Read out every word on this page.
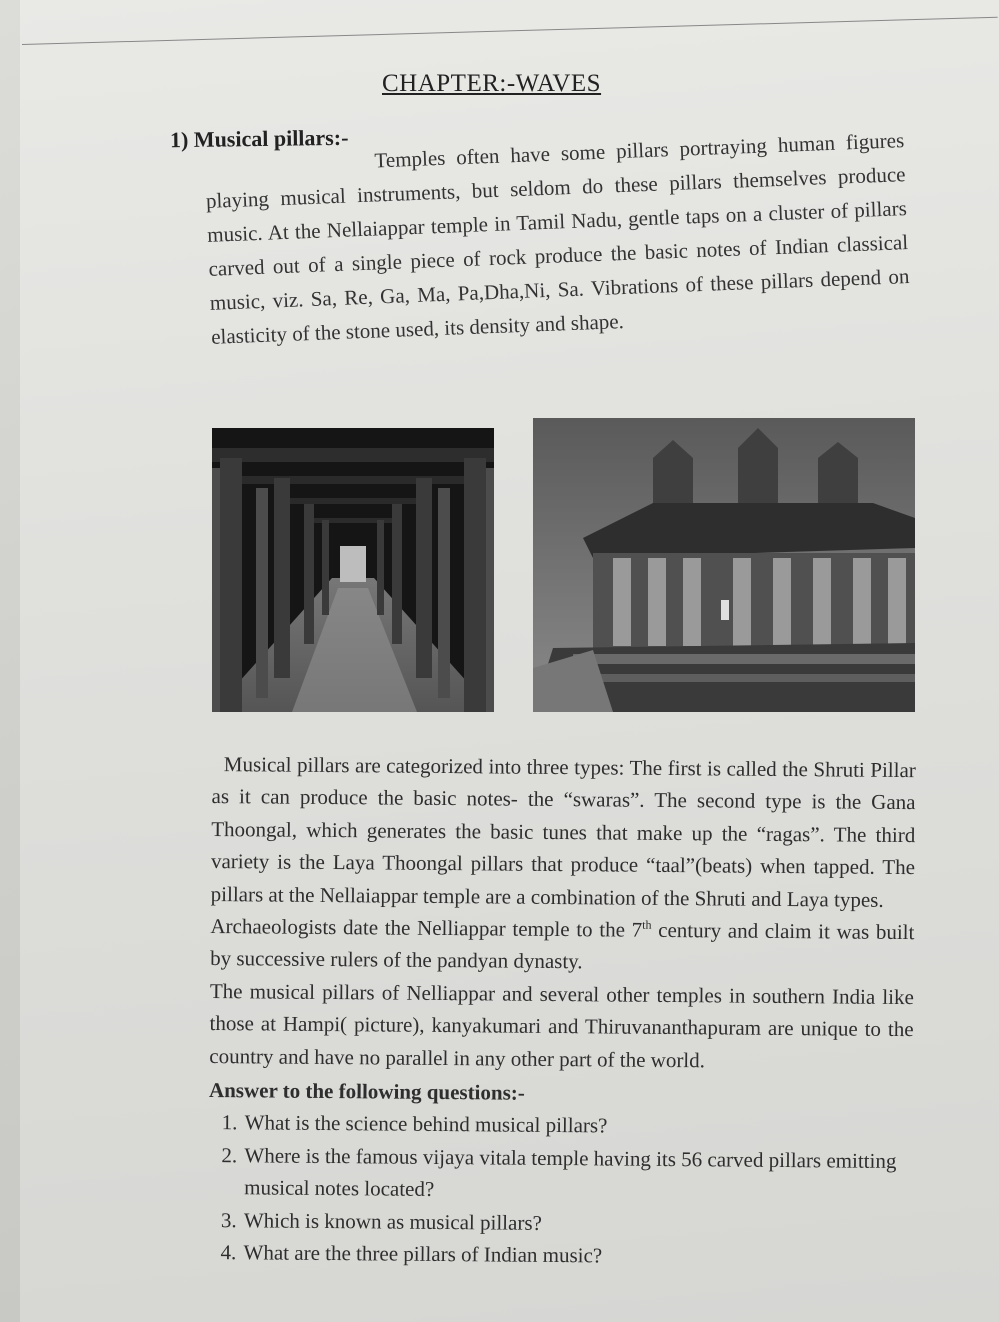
CHAPTER:-WAVES
1) Musical pillars:-	Temples often have some pillars portraying human figures playing musical instruments, but seldom do these pillars themselves produce music. At the Nellaiappar temple in Tamil Nadu, gentle taps on a cluster of pillars carved out of a single piece of rock produce the basic notes of Indian classical music, viz. Sa, Re, Ga, Ma, Pa,Dha,Ni, Sa. Vibrations of these pillars depend on elasticity of the stone used, its density and shape.

Musical pillars are categorized into three types: The first is called the Shruti Pillar as it can produce the basic notes- the “swaras”. The second type is the Gana Thoongal, which generates the basic tunes that make up the “ragas”. The third variety is the Laya Thoongal pillars that produce “taal”(beats) when tapped. The pillars at the Nellaiappar temple are a combination of the Shruti and Laya types.

Archaeologists date the Nelliappar temple to the 7th century and claim it was built by successive rulers of the pandyan dynasty.

The musical pillars of Nelliappar and several other temples in southern India like those at Hampi( picture), kanyakumari and Thiruvananthapuram are unique to the country and have no parallel in any other part of the world.

Answer to the following questions:-
1. What is the science behind musical pillars?
2. Where is the famous vijaya vitala temple having its 56 carved pillars emitting musical notes located?
3. Which is known as musical pillars?
4. What are the three pillars of Indian music?
